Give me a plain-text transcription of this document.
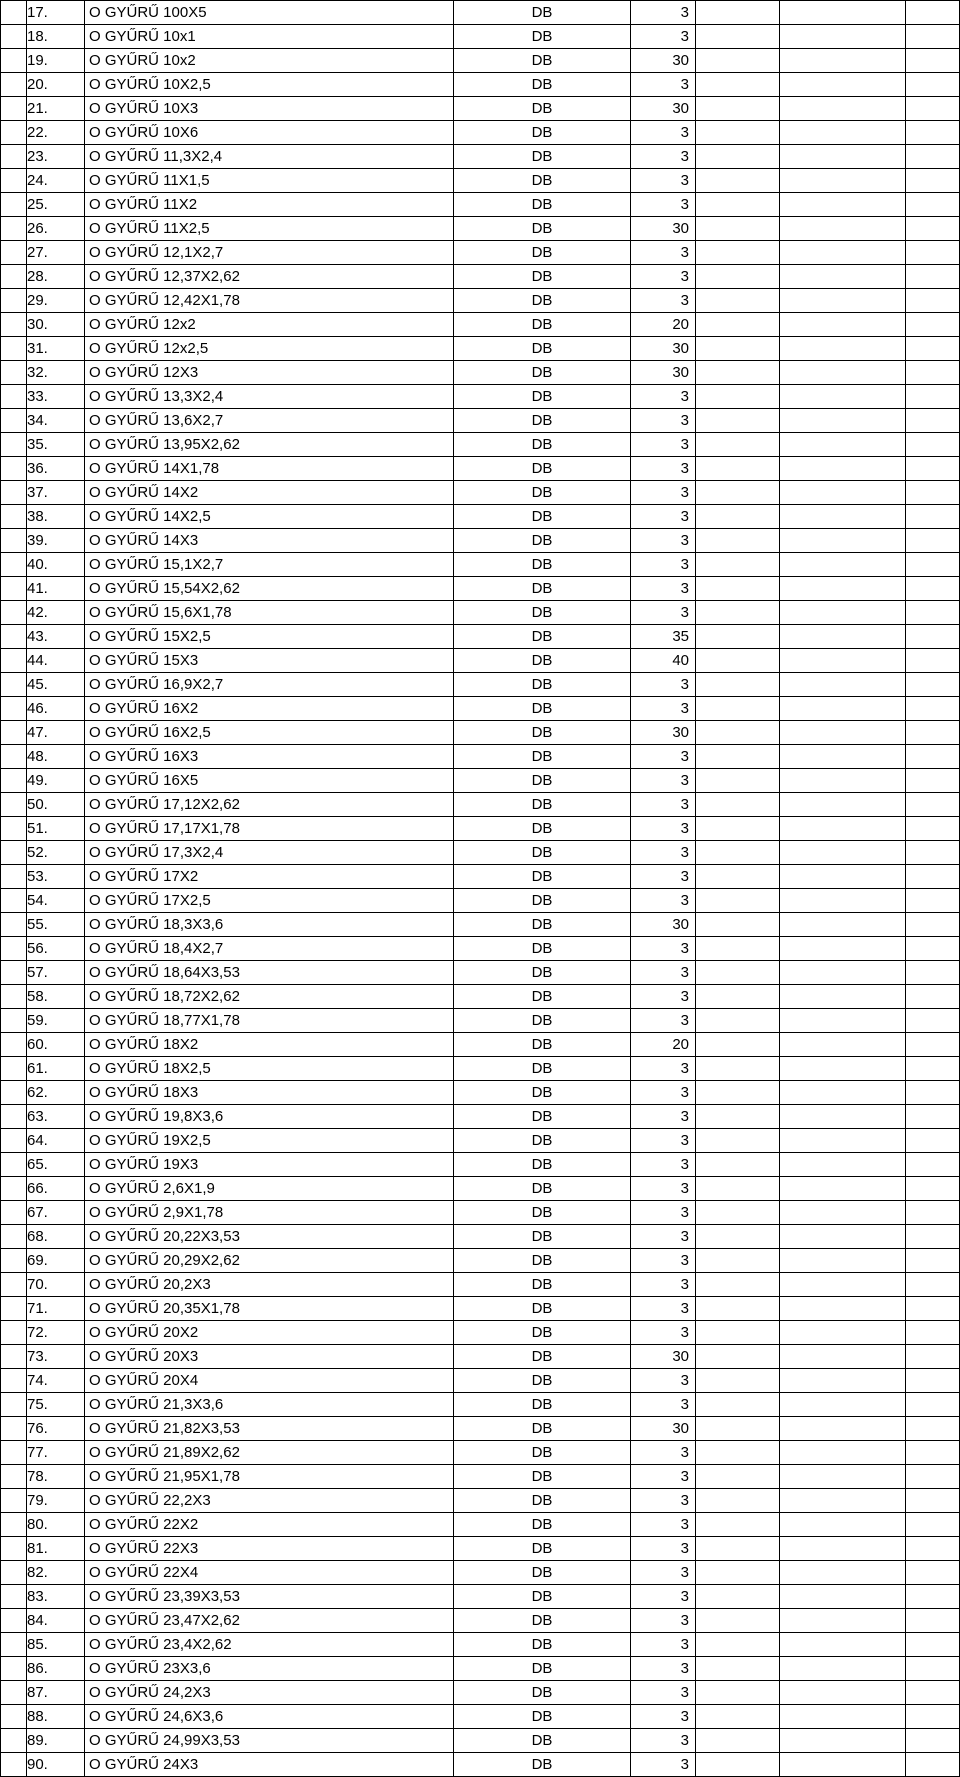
	17.	O GYŰRŰ 100X5	DB	3			
	18.	O GYŰRŰ 10x1	DB	3			
	19.	O GYŰRŰ 10x2	DB	30			
	20.	O GYŰRŰ 10X2,5	DB	3			
	21.	O GYŰRŰ 10X3	DB	30			
	22.	O GYŰRŰ 10X6	DB	3			
	23.	O GYŰRŰ 11,3X2,4	DB	3			
	24.	O GYŰRŰ 11X1,5	DB	3			
	25.	O GYŰRŰ 11X2	DB	3			
	26.	O GYŰRŰ 11X2,5	DB	30			
	27.	O GYŰRŰ 12,1X2,7	DB	3			
	28.	O GYŰRŰ 12,37X2,62	DB	3			
	29.	O GYŰRŰ 12,42X1,78	DB	3			
	30.	O GYŰRŰ 12x2	DB	20			
	31.	O GYŰRŰ 12x2,5	DB	30			
	32.	O GYŰRŰ 12X3	DB	30			
	33.	O GYŰRŰ 13,3X2,4	DB	3			
	34.	O GYŰRŰ 13,6X2,7	DB	3			
	35.	O GYŰRŰ 13,95X2,62	DB	3			
	36.	O GYŰRŰ 14X1,78	DB	3			
	37.	O GYŰRŰ 14X2	DB	3			
	38.	O GYŰRŰ 14X2,5	DB	3			
	39.	O GYŰRŰ 14X3	DB	3			
	40.	O GYŰRŰ 15,1X2,7	DB	3			
	41.	O GYŰRŰ 15,54X2,62	DB	3			
	42.	O GYŰRŰ 15,6X1,78	DB	3			
	43.	O GYŰRŰ 15X2,5	DB	35			
	44.	O GYŰRŰ 15X3	DB	40			
	45.	O GYŰRŰ 16,9X2,7	DB	3			
	46.	O GYŰRŰ 16X2	DB	3			
	47.	O GYŰRŰ 16X2,5	DB	30			
	48.	O GYŰRŰ 16X3	DB	3			
	49.	O GYŰRŰ 16X5	DB	3			
	50.	O GYŰRŰ 17,12X2,62	DB	3			
	51.	O GYŰRŰ 17,17X1,78	DB	3			
	52.	O GYŰRŰ 17,3X2,4	DB	3			
	53.	O GYŰRŰ 17X2	DB	3			
	54.	O GYŰRŰ 17X2,5	DB	3			
	55.	O GYŰRŰ 18,3X3,6	DB	30			
	56.	O GYŰRŰ 18,4X2,7	DB	3			
	57.	O GYŰRŰ 18,64X3,53	DB	3			
	58.	O GYŰRŰ 18,72X2,62	DB	3			
	59.	O GYŰRŰ 18,77X1,78	DB	3			
	60.	O GYŰRŰ 18X2	DB	20			
	61.	O GYŰRŰ 18X2,5	DB	3			
	62.	O GYŰRŰ 18X3	DB	3			
	63.	O GYŰRŰ 19,8X3,6	DB	3			
	64.	O GYŰRŰ 19X2,5	DB	3			
	65.	O GYŰRŰ 19X3	DB	3			
	66.	O GYŰRŰ 2,6X1,9	DB	3			
	67.	O GYŰRŰ 2,9X1,78	DB	3			
	68.	O GYŰRŰ 20,22X3,53	DB	3			
	69.	O GYŰRŰ 20,29X2,62	DB	3			
	70.	O GYŰRŰ 20,2X3	DB	3			
	71.	O GYŰRŰ 20,35X1,78	DB	3			
	72.	O GYŰRŰ 20X2	DB	3			
	73.	O GYŰRŰ 20X3	DB	30			
	74.	O GYŰRŰ 20X4	DB	3			
	75.	O GYŰRŰ 21,3X3,6	DB	3			
	76.	O GYŰRŰ 21,82X3,53	DB	30			
	77.	O GYŰRŰ 21,89X2,62	DB	3			
	78.	O GYŰRŰ 21,95X1,78	DB	3			
	79.	O GYŰRŰ 22,2X3	DB	3			
	80.	O GYŰRŰ 22X2	DB	3			
	81.	O GYŰRŰ 22X3	DB	3			
	82.	O GYŰRŰ 22X4	DB	3			
	83.	O GYŰRŰ 23,39X3,53	DB	3			
	84.	O GYŰRŰ 23,47X2,62	DB	3			
	85.	O GYŰRŰ 23,4X2,62	DB	3			
	86.	O GYŰRŰ 23X3,6	DB	3			
	87.	O GYŰRŰ 24,2X3	DB	3			
	88.	O GYŰRŰ 24,6X3,6	DB	3			
	89.	O GYŰRŰ 24,99X3,53	DB	3			
	90.	O GYŰRŰ 24X3	DB	3			
